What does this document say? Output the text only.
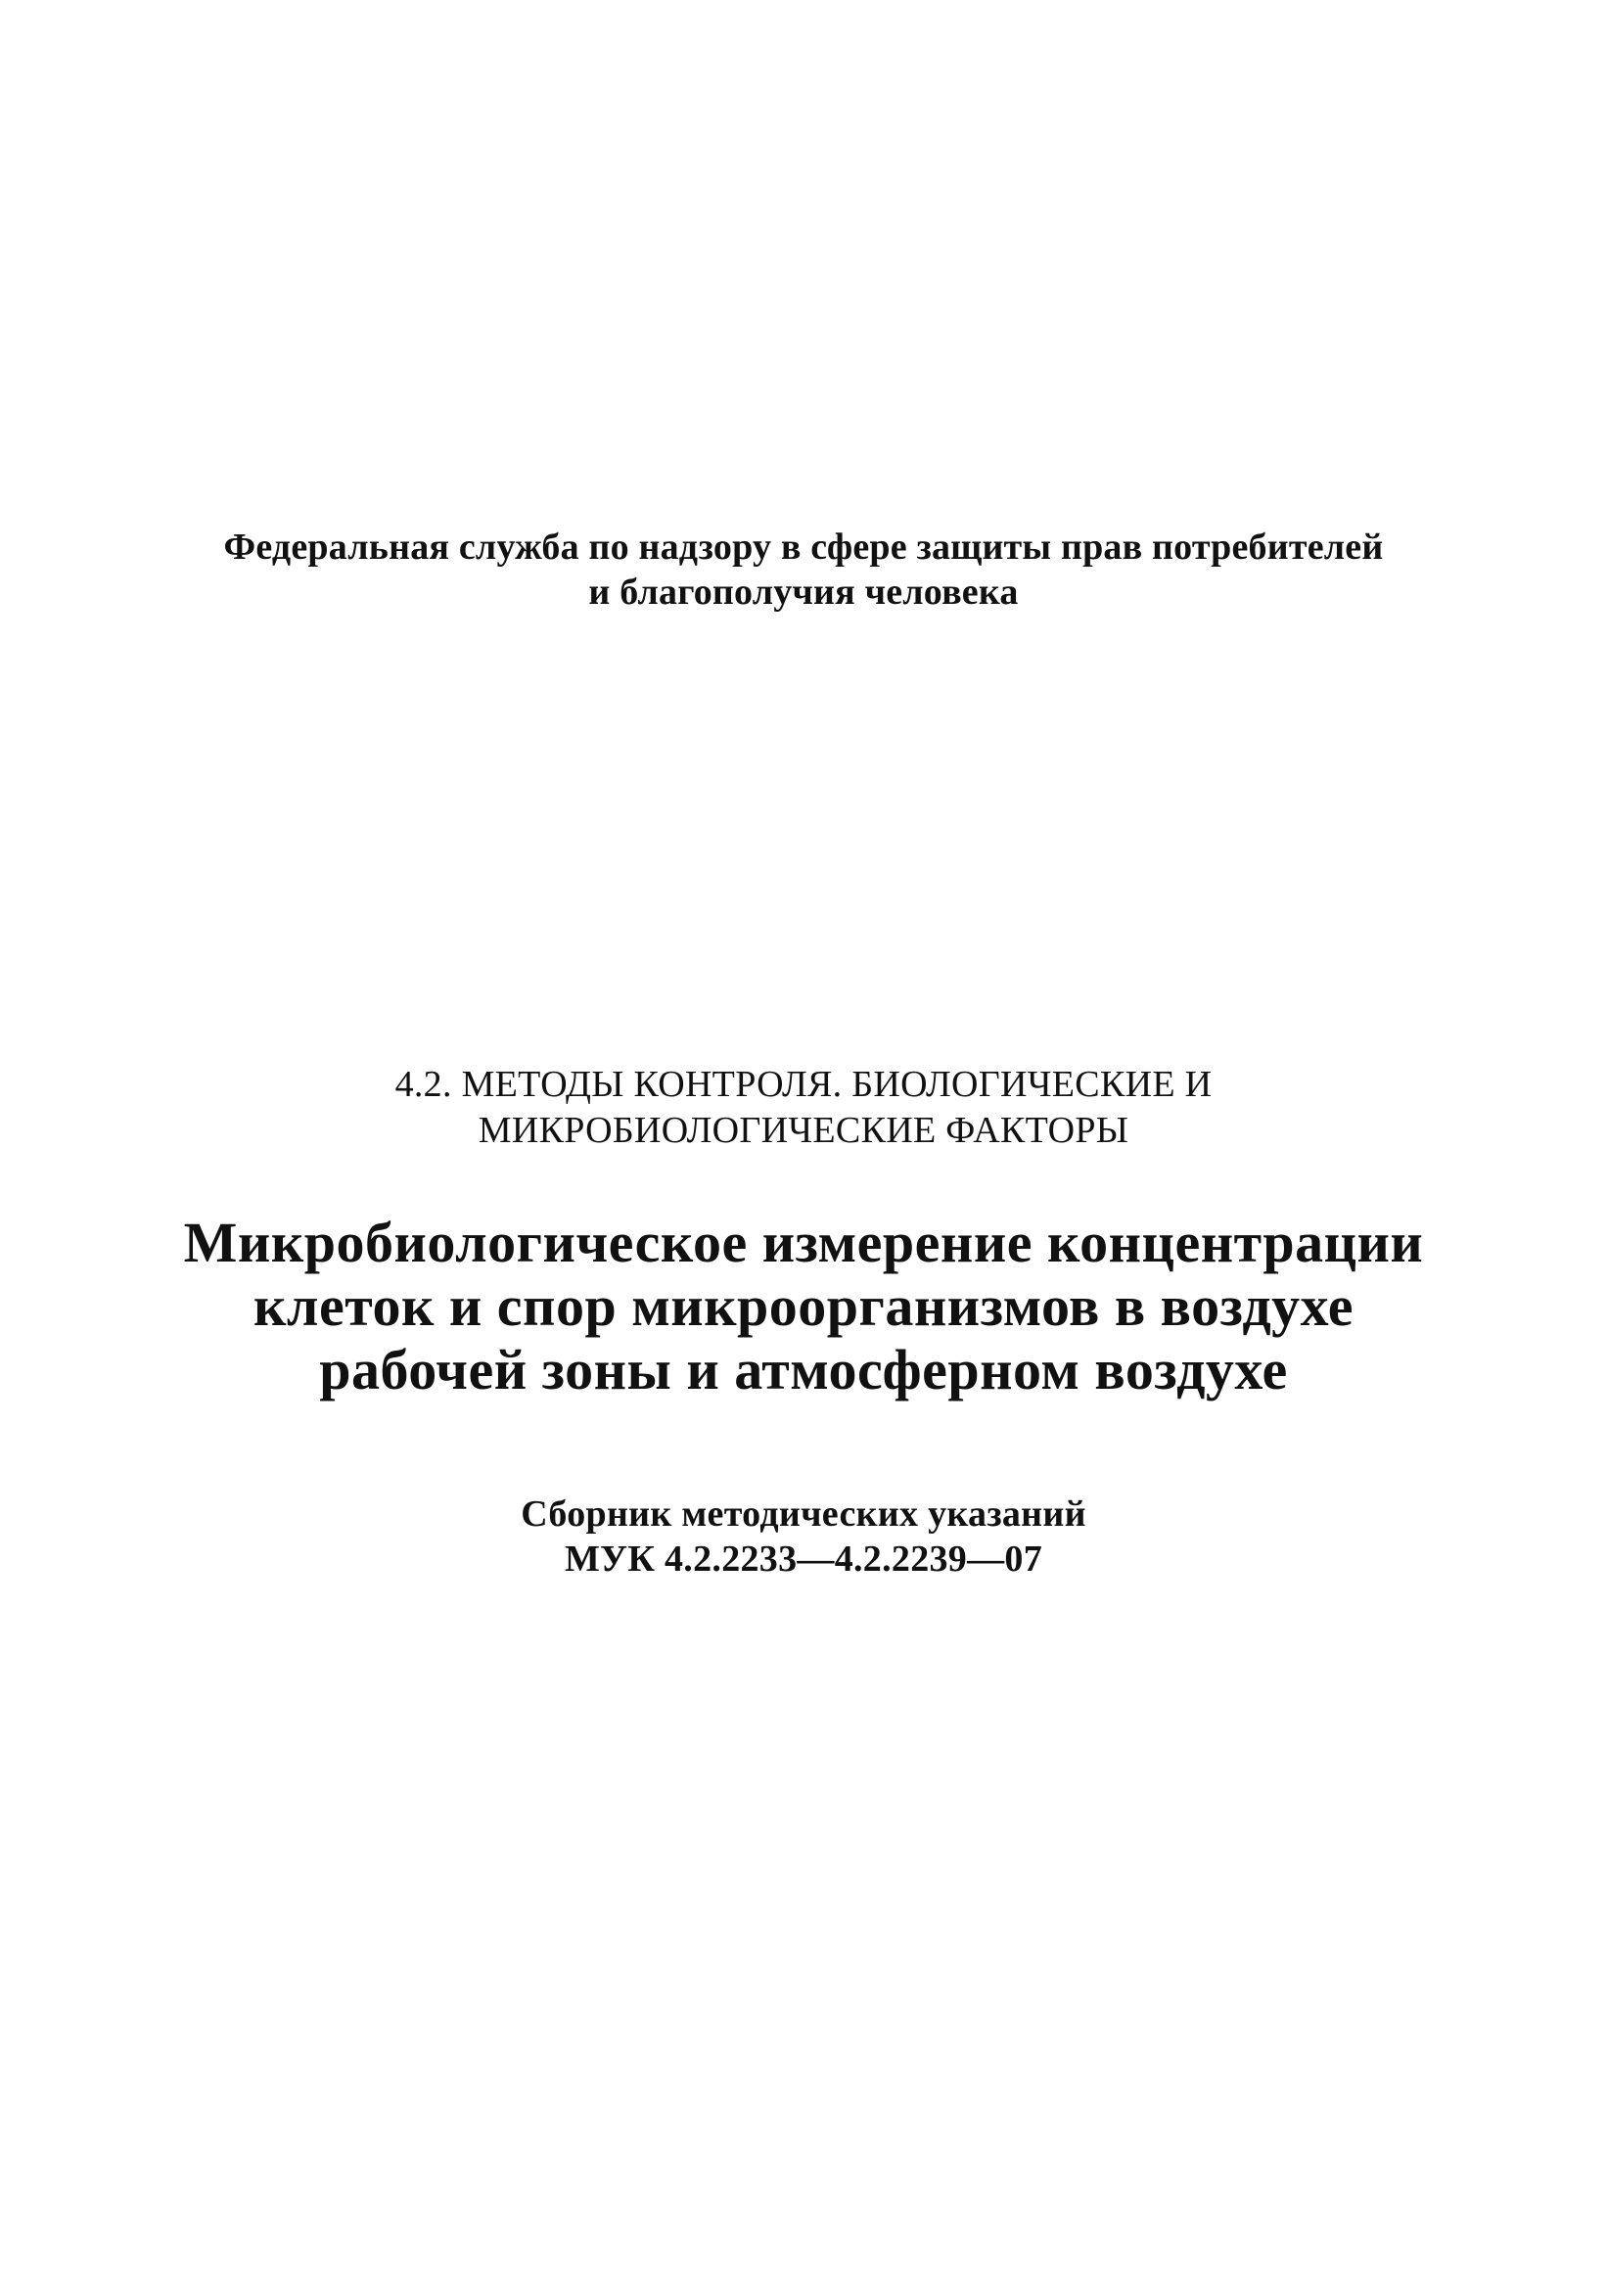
Федеральная служба по надзору в сфере защиты прав потребителей
и благополучия человека
4.2. МЕТОДЫ КОНТРОЛЯ. БИОЛОГИЧЕСКИЕ И
МИКРОБИОЛОГИЧЕСКИЕ ФАКТОРЫ
Микробиологическое измерение концентрации
клеток и спор микроорганизмов в воздухе
рабочей зоны и атмосферном воздухе
Сборник методических указаний
МУК 4.2.2233—4.2.2239—07
